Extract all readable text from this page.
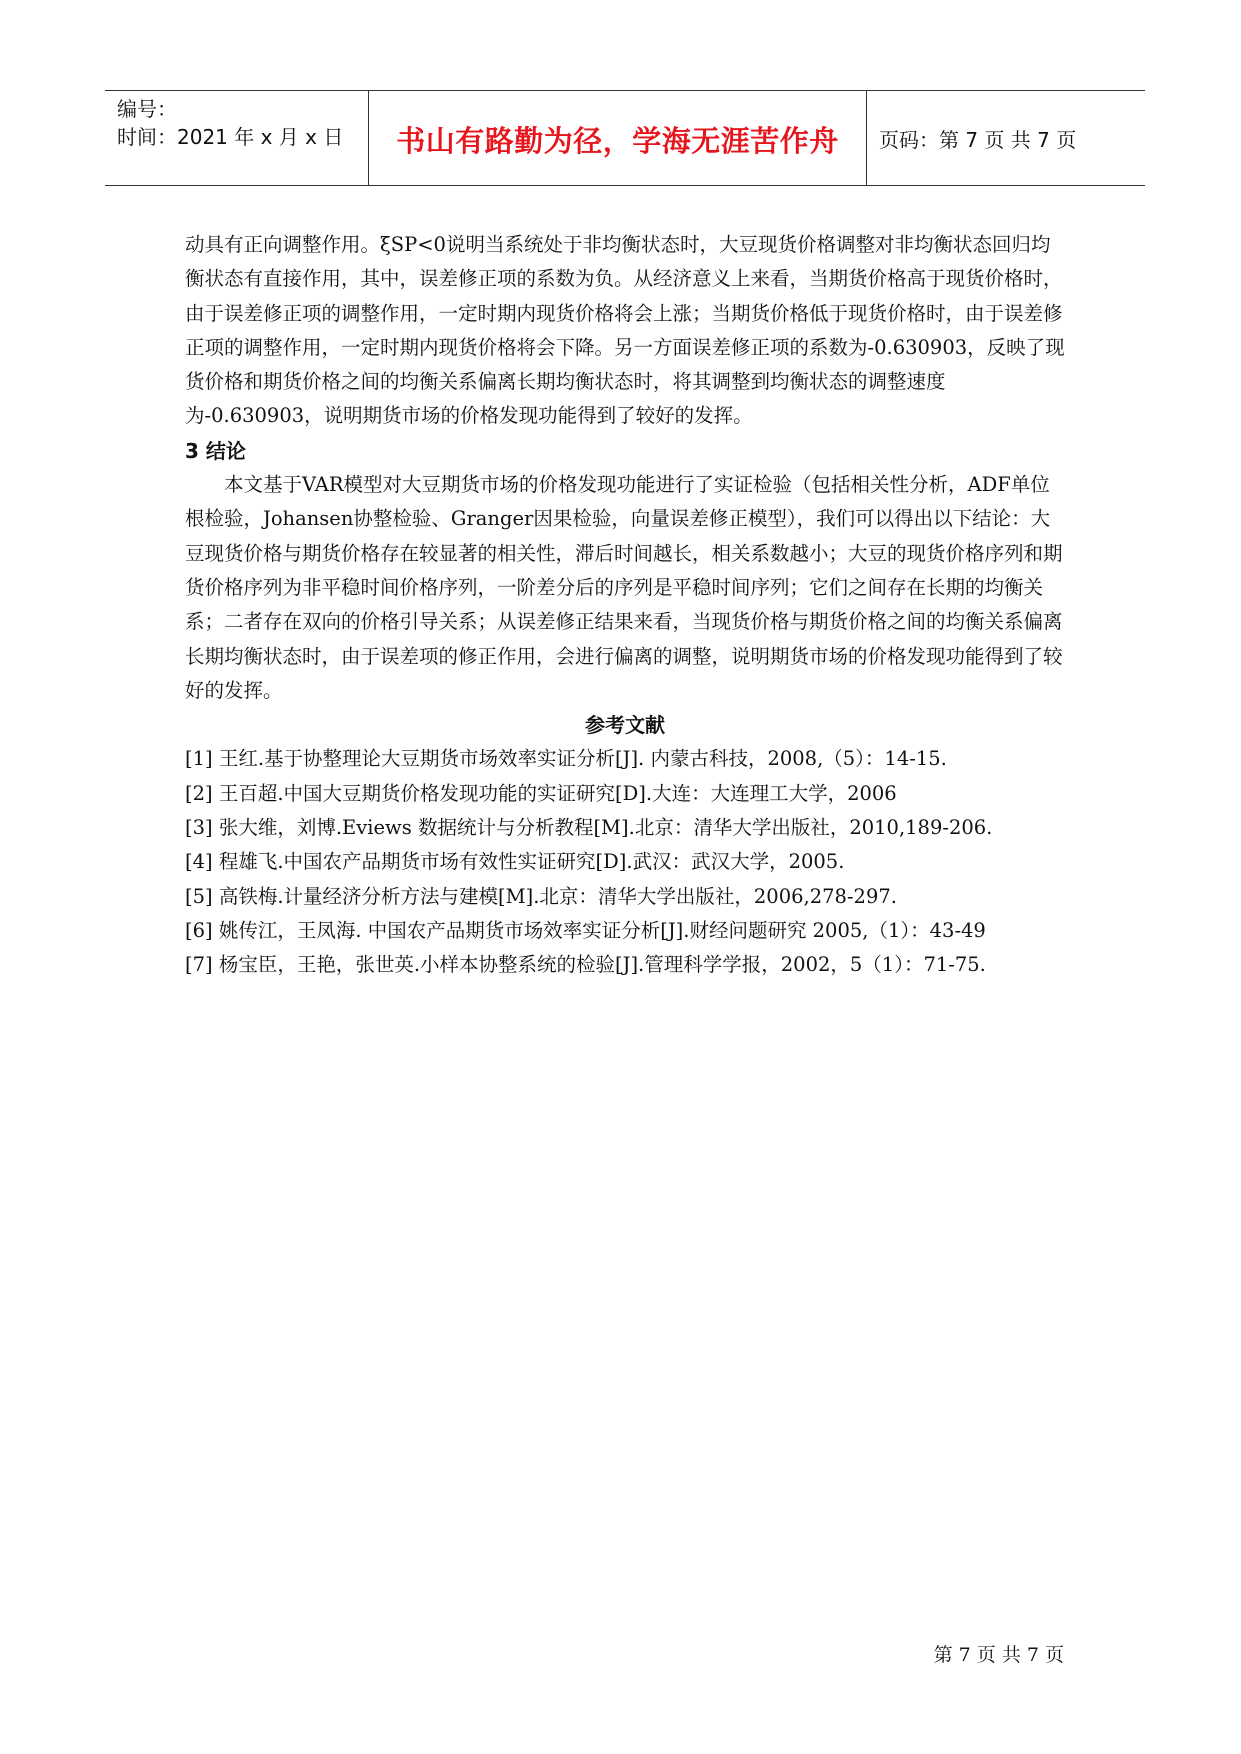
编号：
时间：2021 年 x 月 x 日	书山有路勤为径，学海无涯苦作舟	页码：第 7 页 共 7 页

动具有正向调整作用。ξSP<0说明当系统处于非均衡状态时，大豆现货价格调整对非均衡状态回归均衡状态有直接作用，其中，误差修正项的系数为负。从经济意义上来看，当期货价格高于现货价格时，由于误差修正项的调整作用，一定时期内现货价格将会上涨；当期货价格低于现货价格时，由于误差修正项的调整作用，一定时期内现货价格将会下降。另一方面误差修正项的系数为-0.630903，反映了现货价格和期货价格之间的均衡关系偏离长期均衡状态时，将其调整到均衡状态的调整速度为-0.630903，说明期货市场的价格发现功能得到了较好的发挥。

3 结论

本文基于VAR模型对大豆期货市场的价格发现功能进行了实证检验（包括相关性分析，ADF单位根检验，Johansen协整检验、Granger因果检验，向量误差修正模型），我们可以得出以下结论：大豆现货价格与期货价格存在较显著的相关性，滞后时间越长，相关系数越小；大豆的现货价格序列和期货价格序列为非平稳时间价格序列，一阶差分后的序列是平稳时间序列；它们之间存在长期的均衡关系；二者存在双向的价格引导关系；从误差修正结果来看，当现货价格与期货价格之间的均衡关系偏离长期均衡状态时，由于误差项的修正作用，会进行偏离的调整，说明期货市场的价格发现功能得到了较好的发挥。

参考文献

[1] 王红.基于协整理论大豆期货市场效率实证分析[J]. 内蒙古科技，2008,（5）：14-15.
[2] 王百超.中国大豆期货价格发现功能的实证研究[D].大连：大连理工大学，2006
[3] 张大维，刘博.Eviews 数据统计与分析教程[M].北京：清华大学出版社，2010,189-206.
[4] 程雄飞.中国农产品期货市场有效性实证研究[D].武汉：武汉大学，2005.
[5] 高铁梅.计量经济分析方法与建模[M].北京：清华大学出版社，2006,278-297.
[6] 姚传江，王凤海. 中国农产品期货市场效率实证分析[J].财经问题研究 2005,（1）：43-49
[7] 杨宝臣，王艳，张世英.小样本协整系统的检验[J].管理科学学报，2002，5（1）：71-75.
第 7 页 共 7 页
